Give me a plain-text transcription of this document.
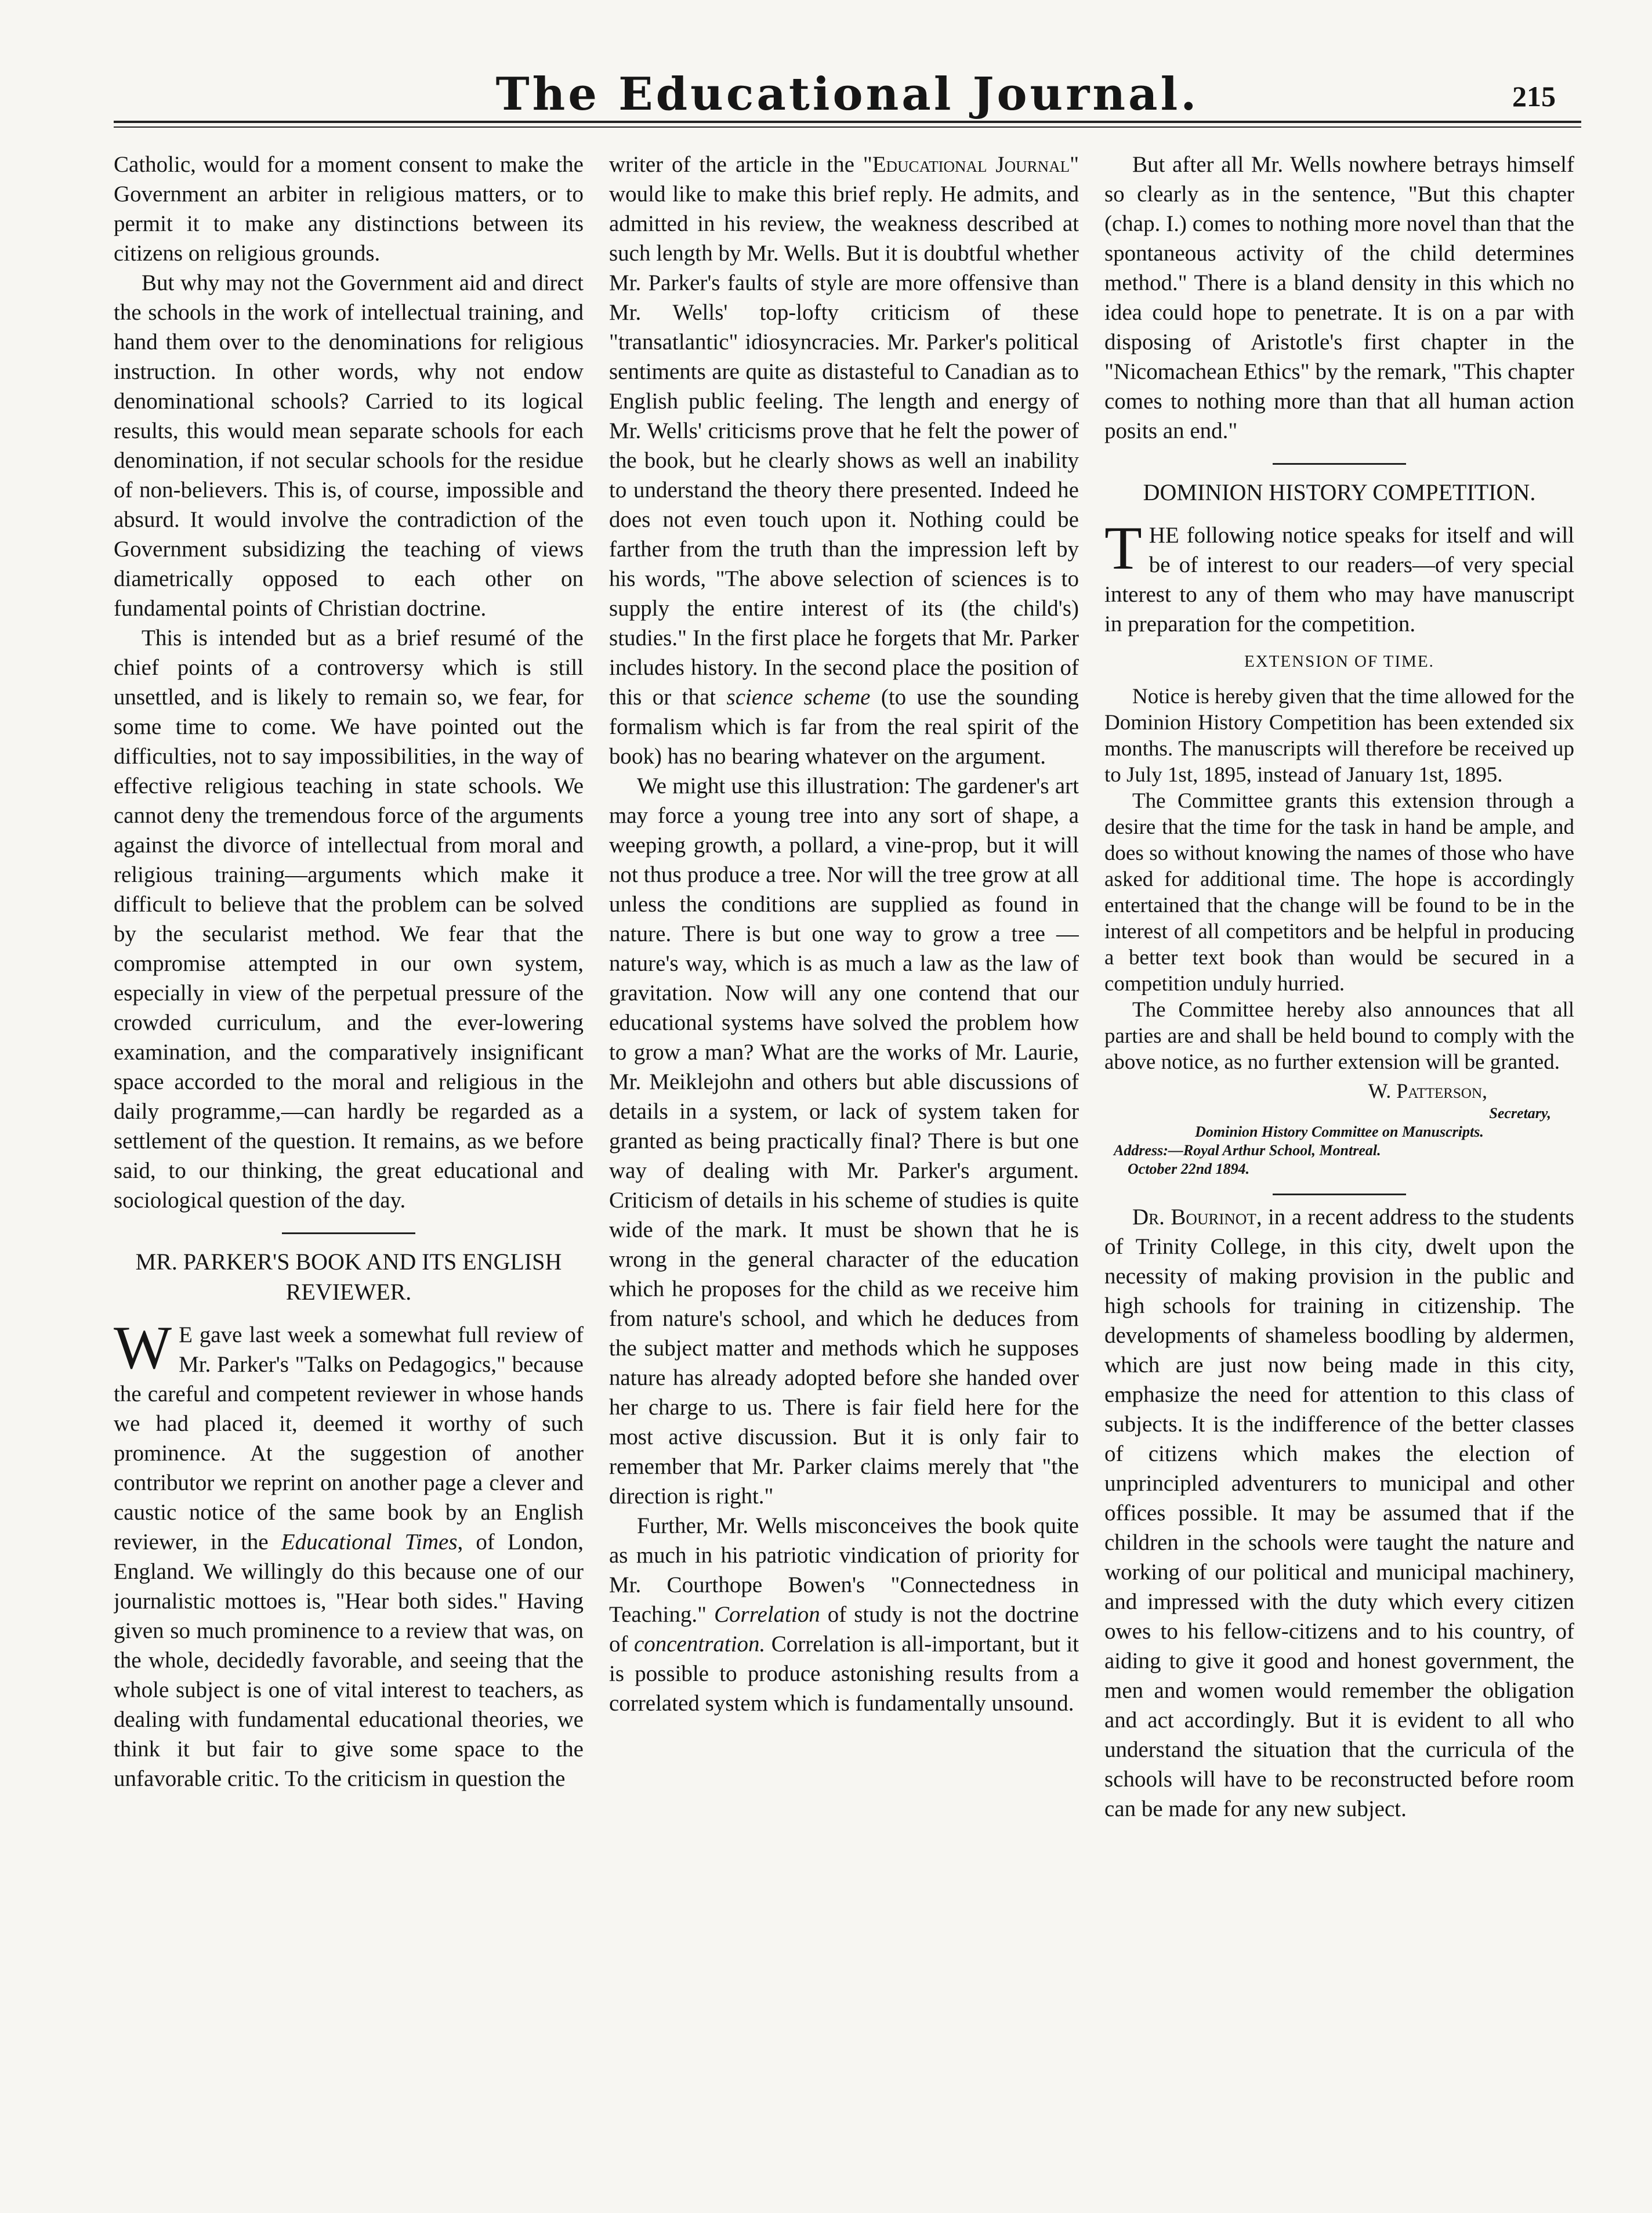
The Educational Journal.	215

Catholic, would for a moment consent to make the Government an arbiter in religious matters, or to permit it to make any distinctions between its citizens on religious grounds.

But why may not the Government aid and direct the schools in the work of intellectual training, and hand them over to the denominations for religious instruction. In other words, why not endow denominational schools? Carried to its logical results, this would mean separate schools for each denomination, if not secular schools for the residue of non-believers. This is, of course, impossible and absurd. It would involve the contradiction of the Government subsidizing the teaching of views diametrically opposed to each other on fundamental points of Christian doctrine.

This is intended but as a brief resumé of the chief points of a controversy which is still unsettled, and is likely to remain so, we fear, for some time to come. We have pointed out the difficulties, not to say impossibilities, in the way of effective religious teaching in state schools. We cannot deny the tremendous force of the arguments against the divorce of intellectual from moral and religious training—arguments which make it difficult to believe that the problem can be solved by the secularist method. We fear that the compromise attempted in our own system, especially in view of the perpetual pressure of the crowded curriculum, and the ever-lowering examination, and the comparatively insignificant space accorded to the moral and religious in the daily programme,—can hardly be regarded as a settlement of the question. It remains, as we before said, to our thinking, the great educational and sociological question of the day.

MR. PARKER'S BOOK AND ITS ENGLISH REVIEWER.

W E gave last week a somewhat full review of Mr. Parker's "Talks on Pedagogics," because the careful and competent reviewer in whose hands we had placed it, deemed it worthy of such prominence. At the suggestion of another contributor we reprint on another page a clever and caustic notice of the same book by an English reviewer, in the Educational Times, of London, England. We willingly do this because one of our journalistic mottoes is, "Hear both sides." Having given so much prominence to a review that was, on the whole, decidedly favorable, and seeing that the whole subject is one of vital interest to teachers, as dealing with fundamental educational theories, we think it but fair to give some space to the unfavorable critic. To the criticism in question the

writer of the article in the "Educational Journal" would like to make this brief reply. He admits, and admitted in his review, the weakness described at such length by Mr. Wells. But it is doubtful whether Mr. Parker's faults of style are more offensive than Mr. Wells' top-lofty criticism of these "transatlantic" idiosyncracies. Mr. Parker's political sentiments are quite as distasteful to Canadian as to English public feeling. The length and energy of Mr. Wells' criticisms prove that he felt the power of the book, but he clearly shows as well an inability to understand the theory there presented. Indeed he does not even touch upon it. Nothing could be farther from the truth than the impression left by his words, "The above selection of sciences is to supply the entire interest of its (the child's) studies." In the first place he forgets that Mr. Parker includes history. In the second place the position of this or that science scheme (to use the sounding formalism which is far from the real spirit of the book) has no bearing whatever on the argument.

We might use this illustration: The gardener's art may force a young tree into any sort of shape, a weeping growth, a pollard, a vine-prop, but it will not thus produce a tree. Nor will the tree grow at all unless the conditions are supplied as found in nature. There is but one way to grow a tree — nature's way, which is as much a law as the law of gravitation. Now will any one contend that our educational systems have solved the problem how to grow a man? What are the works of Mr. Laurie, Mr. Meiklejohn and others but able discussions of details in a system, or lack of system taken for granted as being practically final? There is but one way of dealing with Mr. Parker's argument. Criticism of details in his scheme of studies is quite wide of the mark. It must be shown that he is wrong in the general character of the education which he proposes for the child as we receive him from nature's school, and which he deduces from the subject matter and methods which he supposes nature has already adopted before she handed over her charge to us. There is fair field here for the most active discussion. But it is only fair to remember that Mr. Parker claims merely that "the direction is right."

Further, Mr. Wells misconceives the book quite as much in his patriotic vindication of priority for Mr. Courthope Bowen's "Connectedness in Teaching." Correlation of study is not the doctrine of concentration. Correlation is all-important, but it is possible to produce astonishing results from a correlated system which is fundamentally unsound.

But after all Mr. Wells nowhere betrays himself so clearly as in the sentence, "But this chapter (chap. I.) comes to nothing more novel than that the spontaneous activity of the child determines method." There is a bland density in this which no idea could hope to penetrate. It is on a par with disposing of Aristotle's first chapter in the "Nicomachean Ethics" by the remark, "This chapter comes to nothing more than that all human action posits an end."

DOMINION HISTORY COMPETITION.

THE following notice speaks for itself and will be of interest to our readers—of very special interest to any of them who may have manuscript in preparation for the competition.

EXTENSION OF TIME.

Notice is hereby given that the time allowed for the Dominion History Competition has been extended six months. The manuscripts will therefore be received up to July 1st, 1895, instead of January 1st, 1895.

The Committee grants this extension through a desire that the time for the task in hand be ample, and does so without knowing the names of those who have asked for additional time. The hope is accordingly entertained that the change will be found to be in the interest of all competitors and be helpful in producing a better text book than would be secured in a competition unduly hurried.

The Committee hereby also announces that all parties are and shall be held bound to comply with the above notice, as no further extension will be granted.

W. Patterson,
Secretary,
Dominion History Committee on Manuscripts.
Address:—Royal Arthur School, Montreal.
October 22nd 1894.

Dr. Bourinot, in a recent address to the students of Trinity College, in this city, dwelt upon the necessity of making provision in the public and high schools for training in citizenship. The developments of shameless boodling by aldermen, which are just now being made in this city, emphasize the need for attention to this class of subjects. It is the indifference of the better classes of citizens which makes the election of unprincipled adventurers to municipal and other offices possible. It may be assumed that if the children in the schools were taught the nature and working of our political and municipal machinery, and impressed with the duty which every citizen owes to his fellow-citizens and to his country, of aiding to give it good and honest government, the men and women would remember the obligation and act accordingly. But it is evident to all who understand the situation that the curricula of the schools will have to be reconstructed before room can be made for any new subject.
